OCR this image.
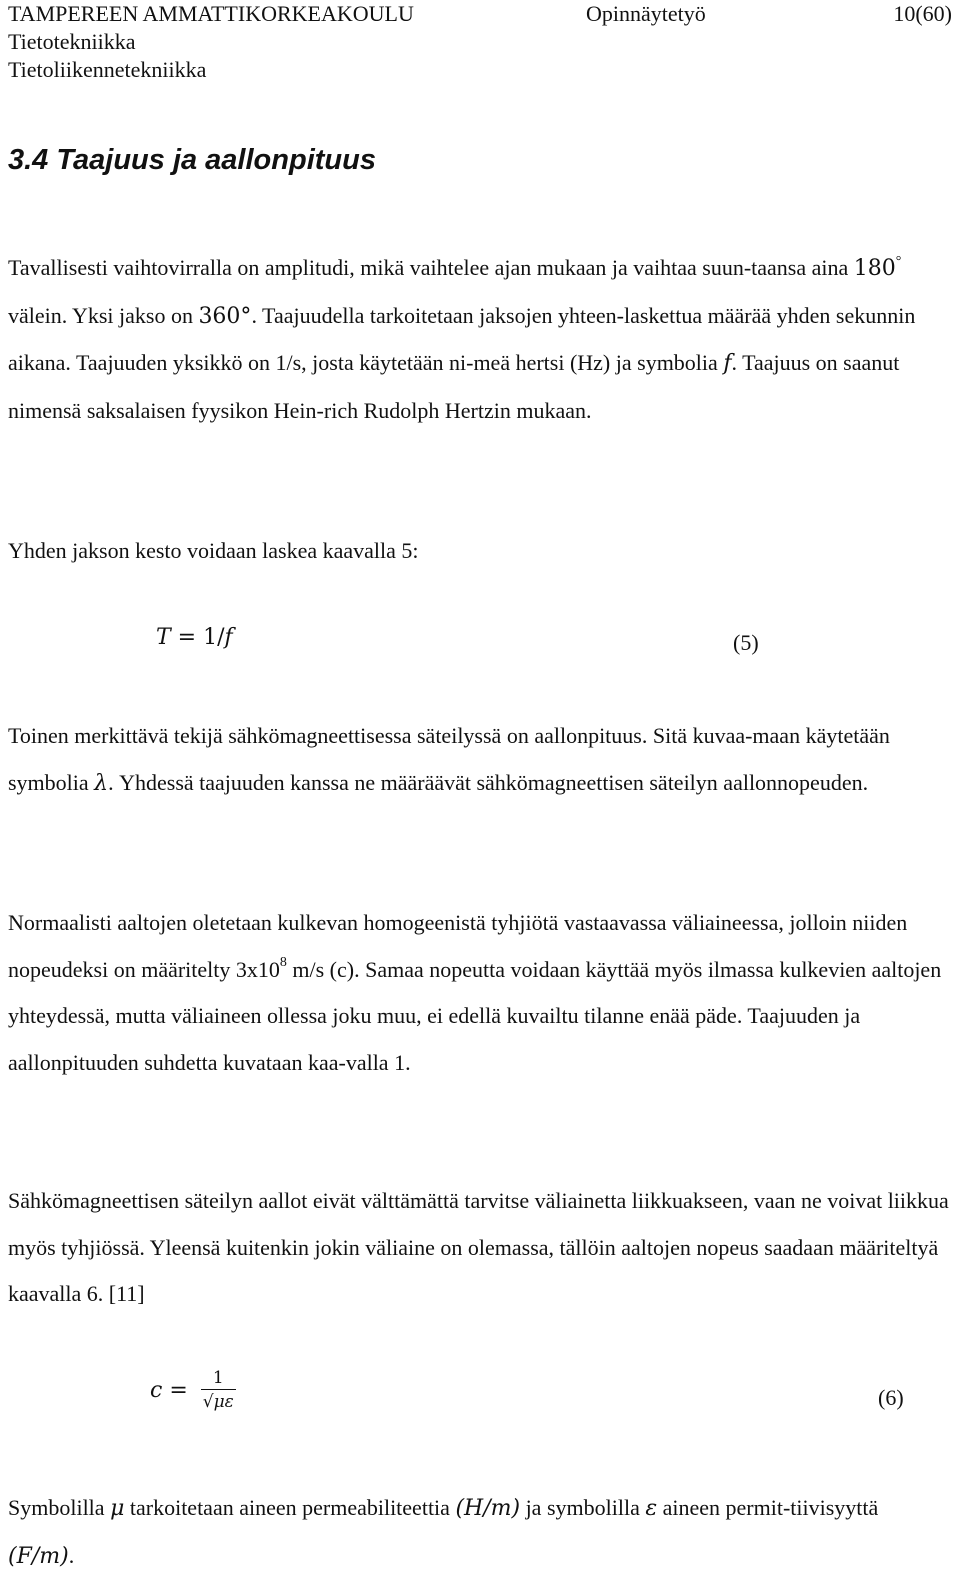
TAMPEREEN AMMATTIKORKEAKOULU	Opinnäytetyö	10(60)
Tietotekniikka
Tietoliikennetekniikka
3.4 Taajuus ja aallonpituus

Tavallisesti vaihtovirralla on amplitudi, mikä vaihtelee ajan mukaan ja vaihtaa suun-taansa aina 180° välein. Yksi jakso on 360°. Taajuudella tarkoitetaan jaksojen yhteen-laskettua määrää yhden sekunnin aikana. Taajuuden yksikkö on 1/s, josta käytetään ni-meä hertsi (Hz) ja symbolia f. Taajuus on saanut nimensä saksalaisen fyysikon Hein-rich Rudolph Hertzin mukaan.

Yhden jakson kesto voidaan laskea kaavalla 5:

T = 1/f	(5)

Toinen merkittävä tekijä sähkömagneettisessa säteilyssä on aallonpituus. Sitä kuvaa-maan käytetään symbolia λ. Yhdessä taajuuden kanssa ne määräävät sähkömagneettisen säteilyn aallonnopeuden.

Normaalisti aaltojen oletetaan kulkevan homogeenistä tyhjiötä vastaavassa väliaineessa, jolloin niiden nopeudeksi on määritelty $3x10^8$ m/s (c). Samaa nopeutta voidaan käyttää myös ilmassa kulkevien aaltojen yhteydessä, mutta väliaineen ollessa joku muu, ei edellä kuvailtu tilanne enää päde. Taajuuden ja aallonpituuden suhdetta kuvataan kaa-valla 1.

Sähkömagneettisen säteilyn aallot eivät välttämättä tarvitse väliainetta liikkuakseen, vaan ne voivat liikkua myös tyhjiössä. Yleensä kuitenkin jokin väliaine on olemassa, tällöin aaltojen nopeus saadaan määriteltyä kaavalla 6. [11]

$c = \frac{1}{√\mu\varepsilon}$	(6)

Symbolilla μ tarkoitetaan aineen permeabiliteettia (H/m) ja symbolilla ε aineen permit-tiivisyyttä (F/m).
